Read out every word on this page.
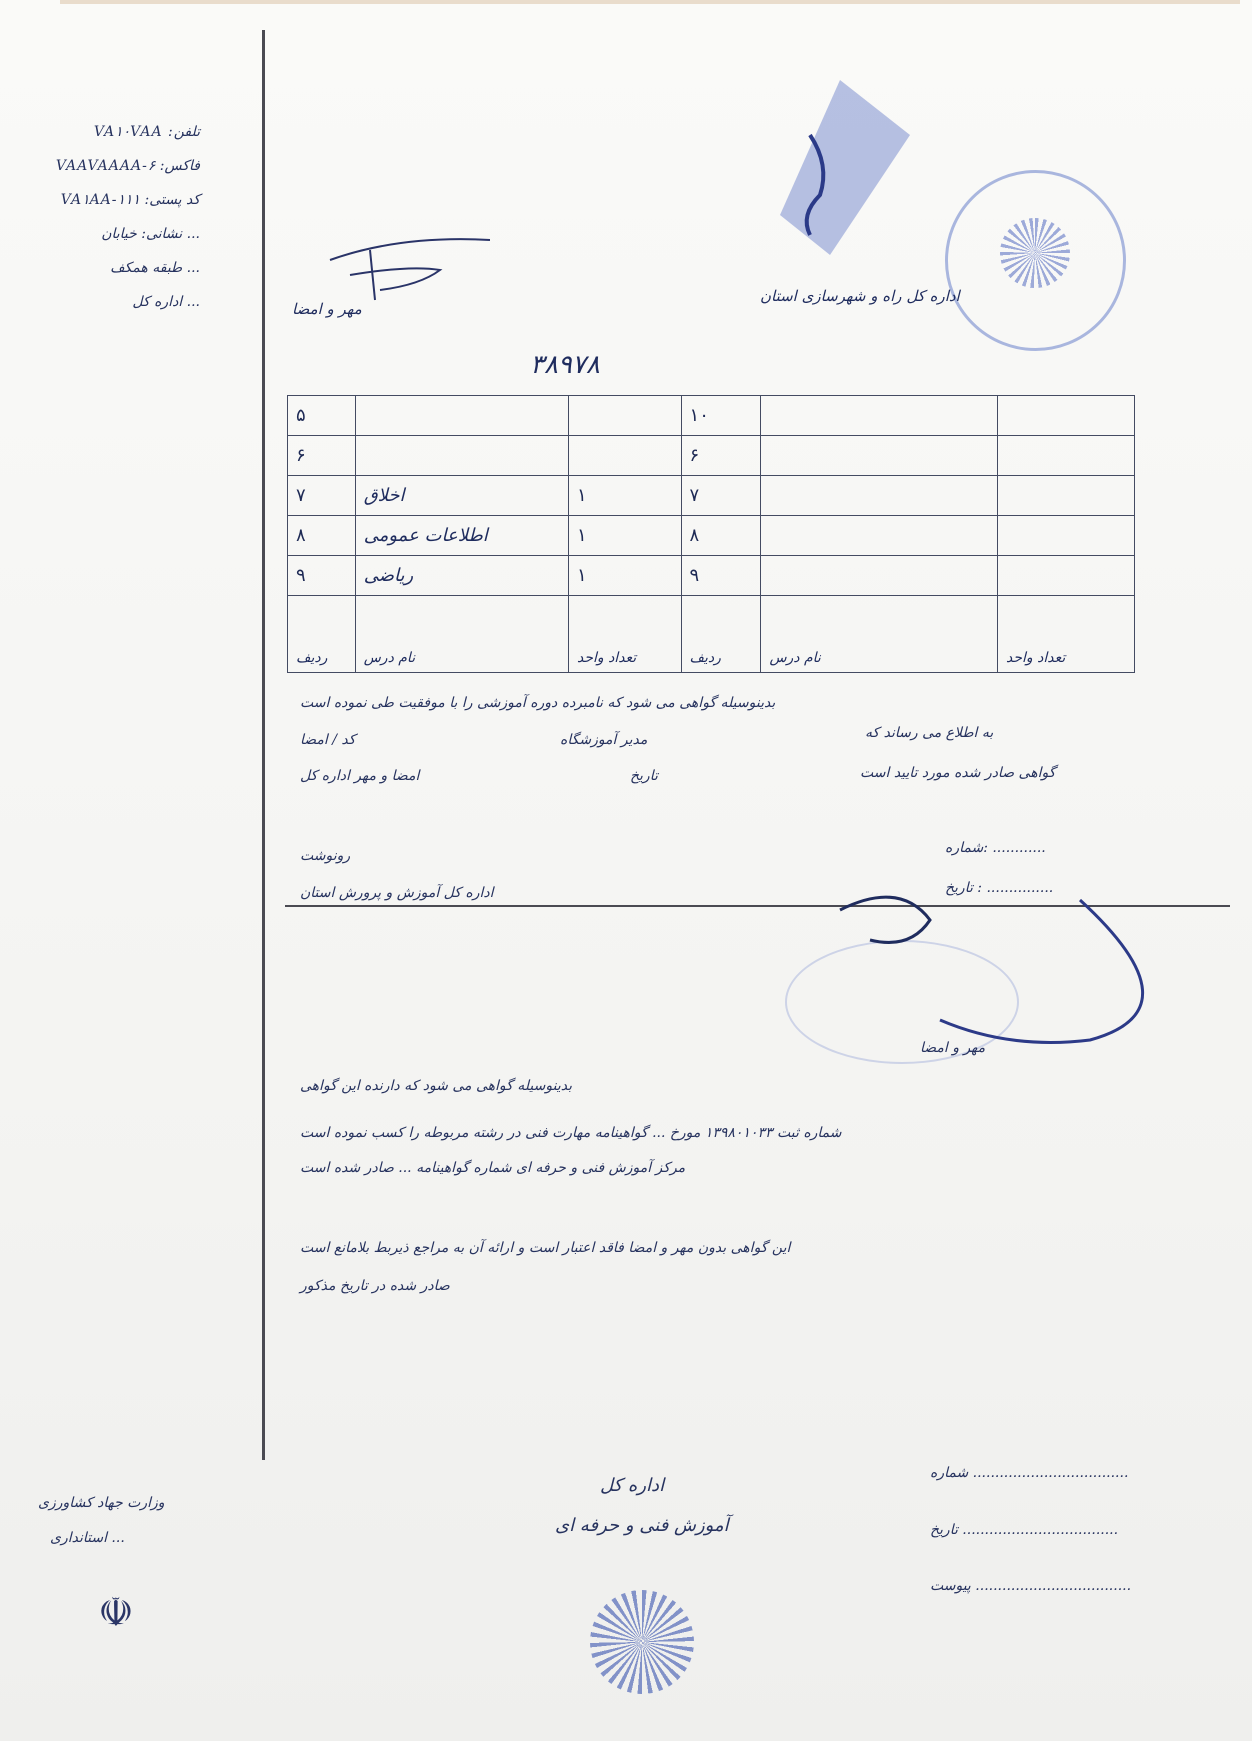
VA۱۰VAA :تلفن
VAAVAAAA-۶ :فاکس
VA۱AA-۱۱۱ :کد پستی
نشانی: خیابان ...
طبقه همکف ...
اداره کل ...	مهر و امضا
اداره کل راه و شهرسازی استان
۳۸۹۷۸
۵			۱۰		
۶			۶		
۷	اخلاق	۱	۷		
۸	اطلاعات عمومی	۱	۸		
۹	ریاضی	۱	۹		
ردیف	نام درس	تعداد واحد	ردیف	نام درس	تعداد واحد
بدینوسیله گواهی می شود که نامبرده دوره آموزشی را با موفقیت طی نموده است
کد / امضا	مدیر آموزشگاه	به اطلاع می رساند که
امضا و مهر اداره کل	تاریخ	گواهی صادر شده مورد تایید است
رونوشت
اداره کل آموزش و پرورش استان
شماره: ............
تاریخ : ...............
مهر و امضا
بدینوسیله گواهی می شود که دارنده این گواهی
شماره ثبت ۱۳۹۸۰۱۰۳۳ مورخ ... گواهینامه مهارت فنی در رشته مربوطه را کسب نموده است
مرکز آموزش فنی و حرفه ای شماره گواهینامه ... صادر شده است
این گواهی بدون مهر و امضا فاقد اعتبار است و ارائه آن به مراجع ذیربط بلامانع است
صادر شده در تاریخ مذکور
اداره کل
آموزش فنی و حرفه ای
شماره ...................................
تاریخ ...................................
پیوست ...................................
وزارت جهاد کشاورزی
استانداری ...
☫
